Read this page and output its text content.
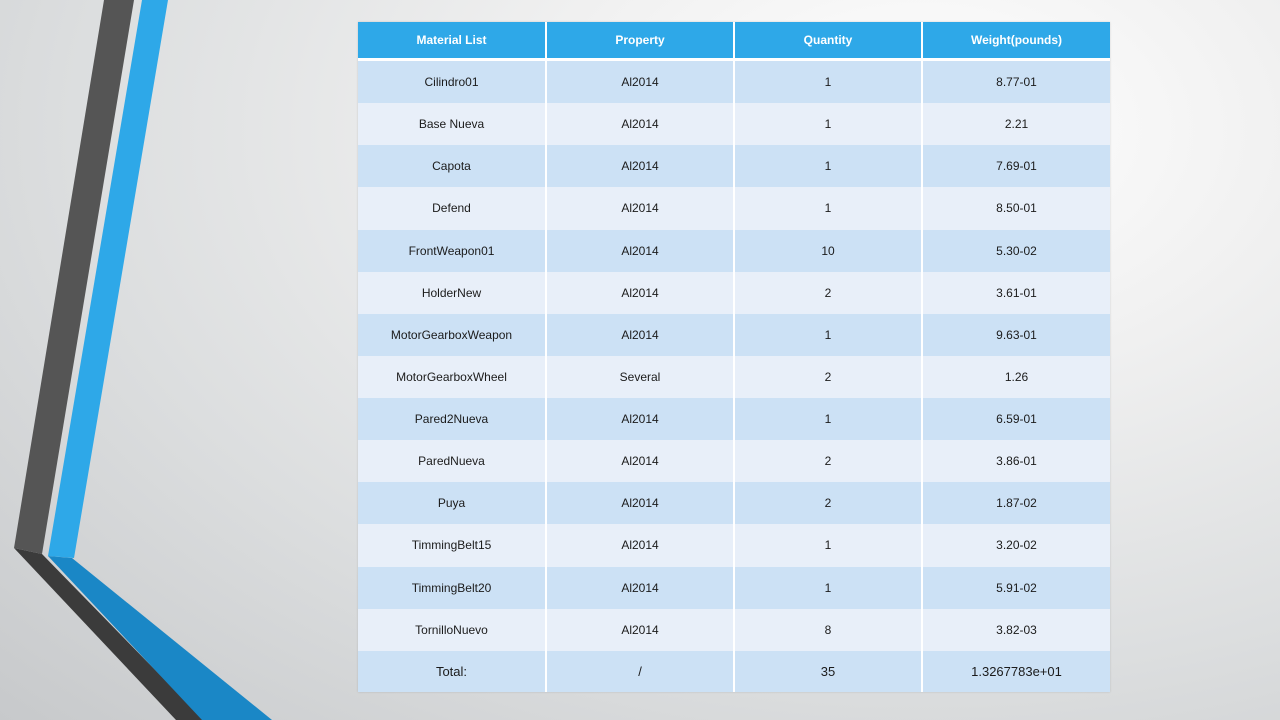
Material List	Property	Quantity	Weight(pounds)
Cilindro01	Al2014	1	8.77-01
Base Nueva	Al2014	1	2.21
Capota	Al2014	1	7.69-01
Defend	Al2014	1	8.50-01
FrontWeapon01	Al2014	10	5.30-02
HolderNew	Al2014	2	3.61-01
MotorGearboxWeapon	Al2014	1	9.63-01
MotorGearboxWheel	Several	2	1.26
Pared2Nueva	Al2014	1	6.59-01
ParedNueva	Al2014	2	3.86-01
Puya	Al2014	2	1.87-02
TimmingBelt15	Al2014	1	3.20-02
TimmingBelt20	Al2014	1	5.91-02
TornilloNuevo	Al2014	8	3.82-03
Total:	/	35	1.3267783e+01
